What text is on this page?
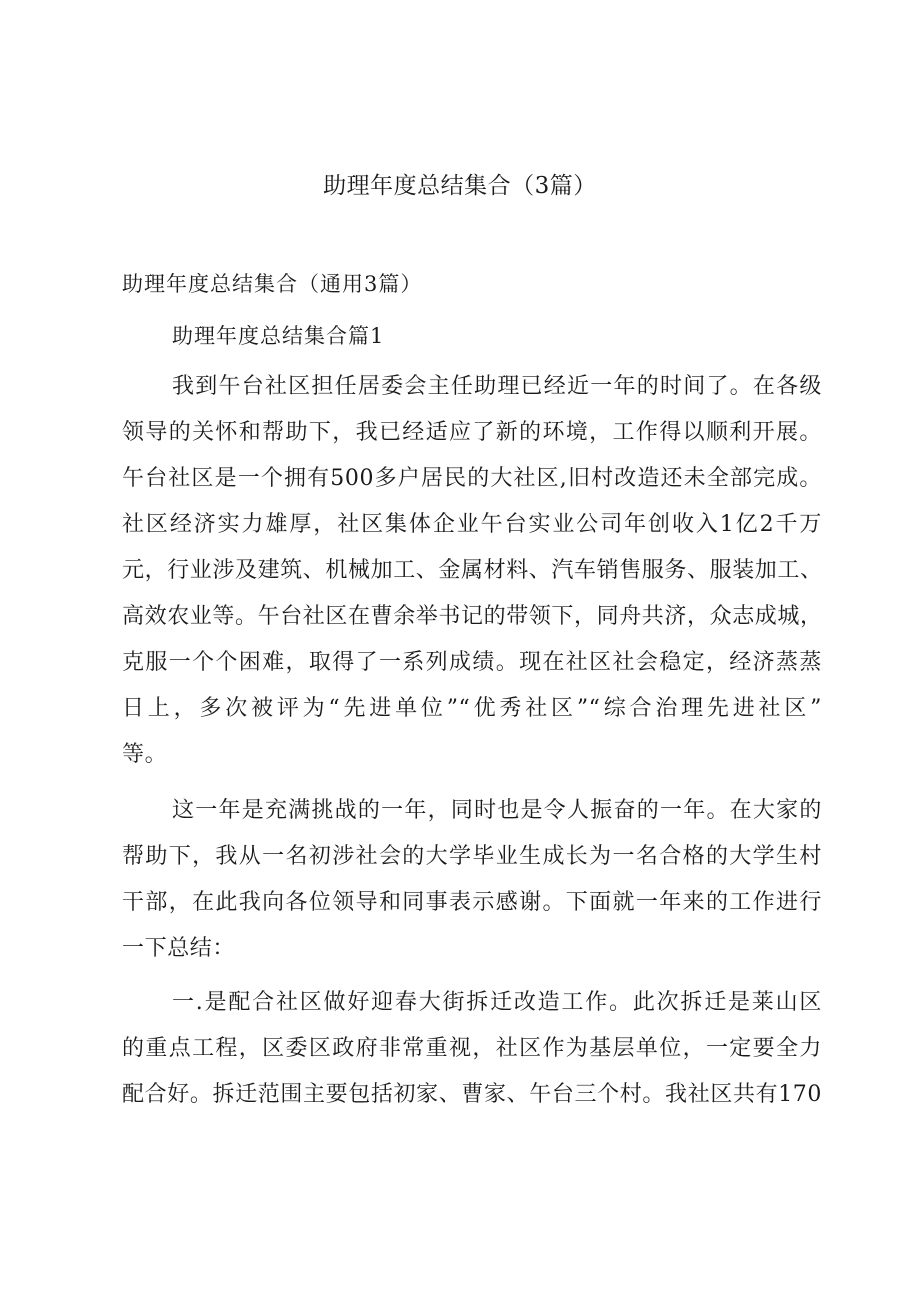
助理年度总结集合（3篇）

助理年度总结集合（通用3篇）

助理年度总结集合篇1

我到午台社区担任居委会主任助理已经近一年的时间了。在各级
领导的关怀和帮助下，我已经适应了新的环境，工作得以顺利开展。
午台社区是一个拥有500多户居民的大社区,旧村改造还未全部完成。
社区经济实力雄厚，社区集体企业午台实业公司年创收入1亿2千万
元，行业涉及建筑、机械加工、金属材料、汽车销售服务、服装加工、
高效农业等。午台社区在曹余举书记的带领下，同舟共济，众志成城，
克服一个个困难，取得了一系列成绩。现在社区社会稳定，经济蒸蒸
日上，多次被评为“先进单位”“优秀社区”“综合治理先进社区”
等。
这一年是充满挑战的一年，同时也是令人振奋的一年。在大家的
帮助下，我从一名初涉社会的大学毕业生成长为一名合格的大学生村
干部，在此我向各位领导和同事表示感谢。下面就一年来的工作进行
一下总结：
一.是配合社区做好迎春大街拆迁改造工作。此次拆迁是莱山区
的重点工程，区委区政府非常重视，社区作为基层单位，一定要全力
配合好。拆迁范围主要包括初家、曹家、午台三个村。我社区共有170
